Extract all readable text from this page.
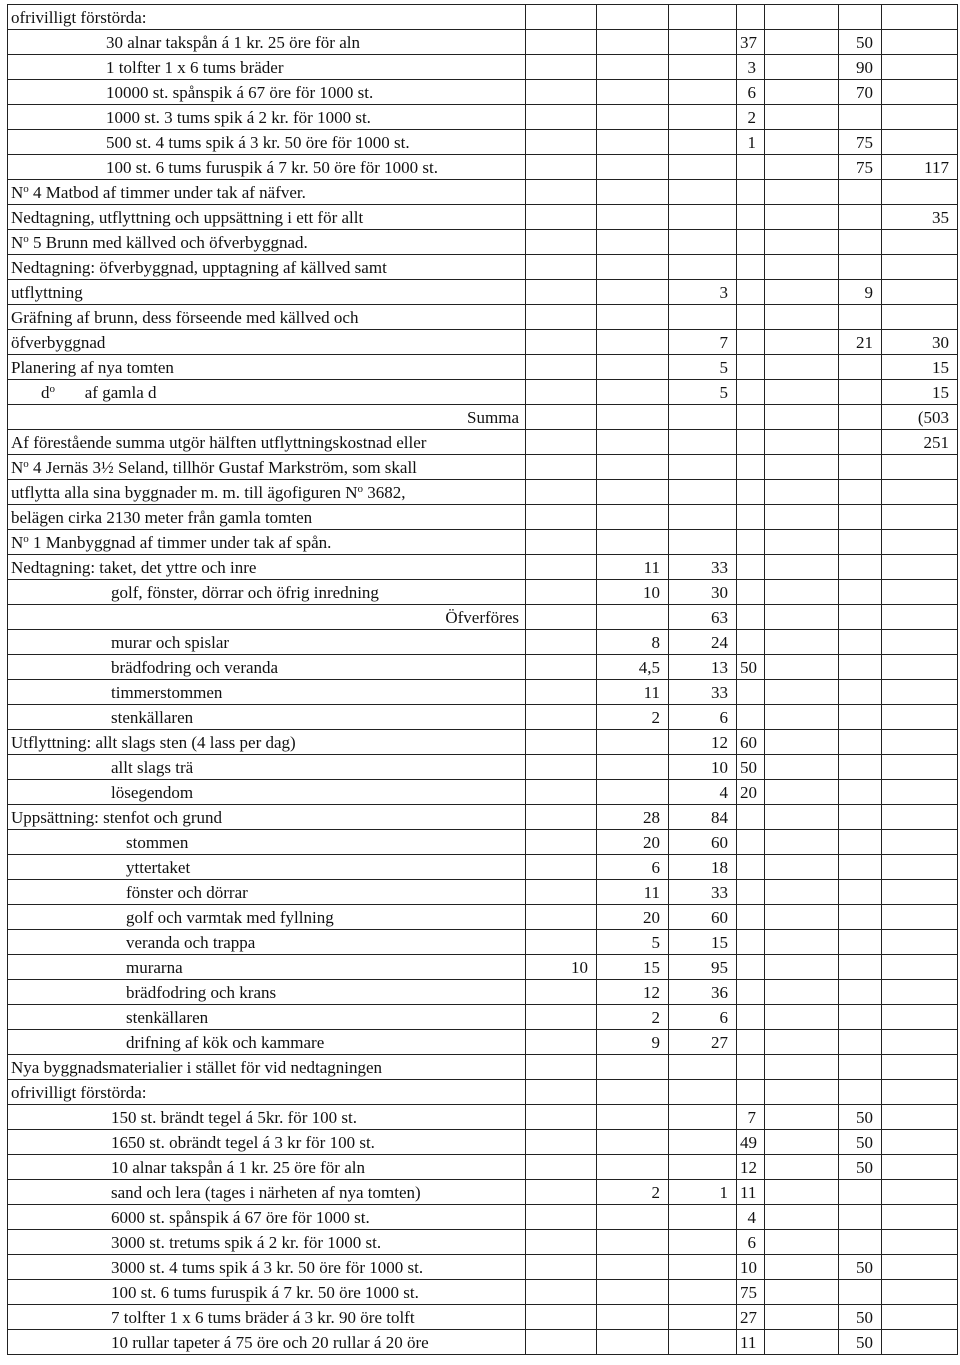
ofrivilligt förstörda:								
30 alnar takspån á 1 kr. 25 öre för aln				37		50		
1 tolfter 1 x 6 tums bräder				3		90		
10000 st. spånspik á 67 öre för 1000 st.				6		70		
1000 st. 3 tums spik á 2 kr. för 1000 st.				2				
500 st. 4 tums spik á 3 kr. 50 öre för 1000 st.				1		75		
100 st. 6 tums furuspik á 7 kr. 50 öre för 1000 st.						75	117	
$N^o$ 4 Matbod af timmer under tak af näfver.								
Nedtagning, utflyttning och uppsättning i ett för allt							35	
$N^o$ 5 Brunn med källved och öfverbyggnad.								
Nedtagning: öfverbyggnad, upptagning af källved samt								
utflyttning			3			9		
Gräfning af brunn, dess förseende med källved och								
öfverbyggnad			7			21	30	
Planering af nya tomten			5				15	
$d^o$ af gamla d			5				15	
Summa							(503	
Af förestående summa utgör hälften utflyttningskostnad eller							251	
$N^o$ 4 Jernäs 3½ Seland, tillhör Gustaf Markström, som skall								
utflytta alla sina byggnader m. m. till ägofiguren $N^o$ 3682,								
belägen cirka 2130 meter från gamla tomten								
$N^o$ 1 Manbyggnad af timmer under tak af spån.								
Nedtagning: taket, det yttre och inre		11	33					
golf, fönster, dörrar och öfrig inredning		10	30					
Öfverföres			63					
murar och spislar		8	24					
brädfodring och veranda		4,5	13	50				
timmerstommen		11	33					
stenkällaren		2	6					
Utflyttning: allt slags sten (4 lass per dag)			12	60				
allt slags trä			10	50				
lösegendom			4	20				
Uppsättning: stenfot och grund		28	84					
stommen		20	60					
yttertaket		6	18					
fönster och dörrar		11	33					
golf och varmtak med fyllning		20	60					
veranda och trappa		5	15					
murarna	10	15	95					
brädfodring och krans		12	36					
stenkällaren		2	6					
drifning af kök och kammare		9	27					
Nya byggnadsmaterialier i stället för vid nedtagningen								
ofrivilligt förstörda:								
150 st. brändt tegel á 5kr. för 100 st.				7		50		
1650 st. obrändt tegel á 3 kr för 100 st.				49		50		
10 alnar takspån á 1 kr. 25 öre för aln				12		50		
sand och lera (tages i närheten af nya tomten)		2	1	11				
6000 st. spånspik á 67 öre för 1000 st.				4				
3000 st. tretums spik á 2 kr. för 1000 st.				6				
3000 st. 4 tums spik á 3 kr. 50 öre för 1000 st.				10		50		
100 st. 6 tums furuspik á 7 kr. 50 öre 1000 st.				75				
7 tolfter 1 x 6 tums bräder á 3 kr. 90 öre tolft				27		50		
10 rullar tapeter á 75 öre och 20 rullar á 20 öre				11		50		
